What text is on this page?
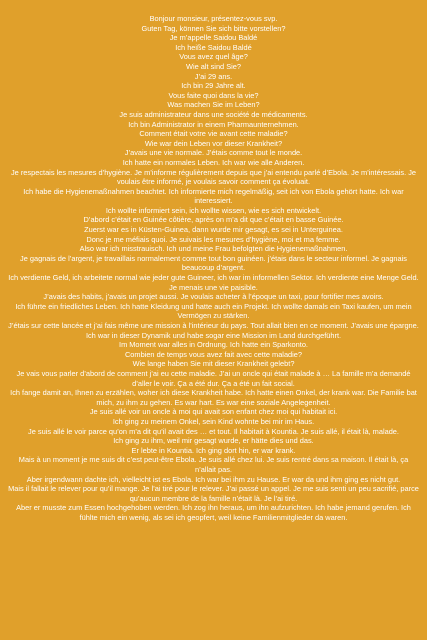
Bonjour monsieur, présentez-vous svp.

Guten Tag, können Sie sich bitte vorstellen?

Je m’appelle Saidou Baldé

Ich heiße Saidou Baldé

Vous avez quel âge?

Wie alt sind Sie?

J’ai 29 ans.

Ich bin 29 Jahre alt.

Vous faite quoi dans la vie?

Was machen Sie im Leben?

Je suis administrateur dans une société de médicaments.

Ich bin Administrator in einem Pharmaunternehmen.

Comment était votre vie avant cette maladie?

Wie war dein Leben vor dieser Krankheit?

J’avais une vie normale. J’étais comme tout le monde.

Ich hatte ein normales Leben. Ich war wie alle Anderen.

Je respectais les mesures d’hygiène. Je m’informe régulièrement depuis que j’ai entendu parlé d’Ebola. Je m’intéressais. Je voulais être informé, je voulais savoir comment ça évoluait.

Ich habe die Hygienemaßnahmen beachtet. Ich informierte mich regelmäßig, seit ich von Ebola gehört hatte. Ich war interessiert.

Ich wollte informiert sein, ich wollte wissen, wie es sich entwickelt.

D’abord c’était en Guinée côtière, après on m’a dit que c’était en basse Guinée.

Zuerst war es in Küsten-Guinea, dann wurde mir gesagt, es sei in Unterguinea.

Donc je me méfiais quoi. Je suivais les mesures d’hygiène, moi et ma femme.

Also war ich misstrauisch. Ich und meine Frau befolgten die Hygienemaßnahmen.

Je gagnais de l’argent, je travaillais normalement comme tout bon guinéen. j’étais dans le secteur informel. Je gagnais beaucoup d’argent.

Ich verdiente Geld, ich arbeitete normal wie jeder gute Guineer, ich war im informellen Sektor. Ich verdiente eine Menge Geld.

Je menais une vie paisible.

J’avais des habits, j’avais un projet aussi. Je voulais acheter à l’époque un taxi, pour fortifier mes avoirs.

Ich führte ein friedliches Leben. Ich hatte Kleidung und hatte auch ein Projekt. Ich wollte damals ein Taxi kaufen, um mein Vermögen zu stärken.

J’étais sur cette lancée et j’ai fais même une mission à l’intérieur du pays. Tout allait bien en ce moment. J’avais une épargne.

Ich war in dieser Dynamik und habe sogar eine Mission im Land durchgeführt.

Im Moment war alles in Ordnung. Ich hatte ein Sparkonto.

Combien de temps vous avez fait avec cette maladie?

Wie lange haben Sie mit dieser Krankheit gelebt?

Je vais vous parler d’abord de comment j’ai eu cette maladie. J’ai un oncle qui était malade à … La famille m’a demandé d’aller le voir. Ça a été dur. Ça a été un fait social.

Ich fange damit an, Ihnen zu erzählen, woher ich diese Krankheit habe. Ich hatte einen Onkel, der krank war. Die Familie bat mich, zu ihm zu gehen. Es war hart. Es war eine soziale Angelegenheit.

Je suis allé voir un oncle à moi qui avait son enfant chez moi qui habitait ici.

Ich ging zu meinem Onkel, sein Kind wohnte bei mir im Haus.

Je suis allé le voir parce qu’on m’a dit qu’il avait des … et tout. Il habitait à Kountia. Je suis allé, il était là, malade.

Ich ging zu ihm, weil mir gesagt wurde, er hätte dies und das.

Er lebte in Kountia. Ich ging dort hin, er war krank.

Mais à un moment je me suis dit c’est peut-être Ebola. Je suis allé chez lui. Je suis rentré dans sa maison. Il était là, ça n’allait pas.

Aber irgendwann dachte ich, vielleicht ist es Ebola. Ich war bei ihm zu Hause. Er war da und ihm ging es nicht gut.

Mais il fallait le relever pour qu’il mange. Je l’ai tiré pour le relever. J’ai passé un appel. Je me suis senti un peu sacrifié, parce qu’aucun membre de la famille n’était là. Je l’ai tiré.

Aber er musste zum Essen hochgehoben werden. Ich zog ihn heraus, um ihn aufzurichten. Ich habe jemand gerufen. Ich fühlte mich ein wenig, als sei ich geopfert, weil keine Familienmitglieder da waren.
